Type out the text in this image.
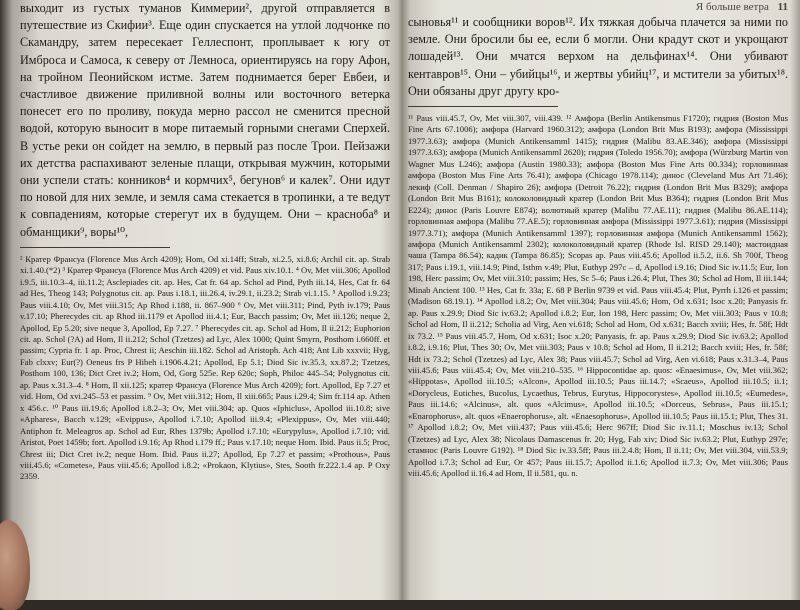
выходит из густых туманов Киммерии², другой отправляется в путешествие из Скифии³. Еще один спускается на утлой лодчонке по Скамандру, затем пересекает Геллеспонт, проплывает к югу от Имброса и Самоса, к северу от Лемноса, ориентируясь на гору Афон, на тройном Пеонийском истме. Затем поднимается берег Евбеи, и счастливое движение приливной волны или восточного ветерка понесет его по проливу, покуда мерно рассол не сменится пресной водой, которую выносит в море питаемый горными снегами Сперхей. В устье реки он сойдет на землю, в первый раз после Трои. Пейзажи их детства распахивают зеленые плащи, открывая мужчин, которыми они успели стать: конников⁴ и кормчих⁵, бегунов⁶ и калек⁷. Они идут по новой для них земле, и земля сама стекается в тропинки, а те ведут к совпадениям, которые стерегут их в будущем. Они – красноба⁸ и обманщики⁹, воры¹⁰,

² Кратер Франсуа (Florence Mus Arch 4209); Hom, Od xi.14ff; Strab, xi.2.5, xi.8.6; Archil cit. ap. Strab xi.1.40.(*2) ³ Кратер Франсуа (Florence Mus Arch 4209) et vid. Paus xiv.10.1. ⁴ Ov, Met viii.306; Apollod i.9.5, iii.10.3–4, iii.11.2; Asclepiades cit. ap. Hes, Cat fr. 64 ap. Schol ad Pind, Pyth iii.14, Hes, Cat fr. 64 ad Hes, Theog 143; Polygnotus cit. ap. Paus i.18.1, iii.26.4, iv.29.1, ii.23.2; Strab vi.1.15. ⁵ Apollod i.9.23; Paus viii.4.10; Ov, Met viii.315; Ap Rhod i.188, ii. 867–900 ⁶ Ov, Met viii.311; Pind, Pyth iv.179; Paus v.17.10; Pherecydes cit. ap Rhod iii.1179 et Apollod iii.4.1; Eur, Bacch passim; Ov, Met iii.126; neque 2, Apollod, Ep 5.20; sive neque 3, Apollod, Ep 7.27. ⁷ Pherecydes cit. ap. Schol ad Hom, Il ii.212; Euphorion cit. ap. Schol (?A) ad Hom, Il ii.212; Schol (Tzetzes) ad Lyc, Alex 1000; Quint Smyrn, Posthom i.660ff. et passim; Cypria fr. 1 ap. Proc, Chrest ii; Aeschin iii.182. Schol ad Aristoph. Ach 418; Ant Lib xxxvii; Hyg, Fab clxxv; Eur(?) Oeneus frs P Hibeh i.1906.4.21; Apollod, Ep 5.1; Diod Sic iv.35.3, xx.87.2; Tzetzes, Posthom 100, 136; Dict Cret iv.2; Hom, Od, Gorg 525e. Rep 620c; Soph, Philoc 445–54; Polygnotus cit. ap. Paus x.31.3–4. ⁸ Hom, Il xii.125; кратер Франсуа (Florence Mus Arch 4209); fort. Apollod, Ep 7.27 et vid. Hom, Od xvi.245–53 et passim. ⁹ Ov, Met viii.312; Hom, Il xiii.665; Paus i.29.4; Sim fr.114 ap. Athen x 456.c. ¹⁰ Paus iii.19.6; Apollod i.8.2–3; Ov, Met viii.304; ap. Quos «Iphiclus», Apollod iii.10.8; sive «Aphares», Bacch v.129; «Evippus», Apollod i.7.10; Apollod iii.9.4; «Plexippus», Ov, Met viii.440; Antiphon fr. Meleagros ap. Schol ad Eur, Rhes 1379b; Apollod i.7.10; «Eurypylus», Apollod i.7.10; vid. Aristot, Poet 1459b; fort. Apollod i.9.16; Ap Rhod i.179 ff.; Paus v.17.10; neque Hom. Ibid. Paus ii.5; Proc, Chrest iii; Dict Cret iv.2; neque Hom. Ibid. Paus ii.27; Apollod, Ep 7.27 et passim; «Prothous», Paus viii.45.6; «Cometes», Paus viii.45.6; Apollod i.8.2; «Prokaon, Klytius», Stes, Sooth fr.222.1.4 ap. P Oxy 2359.

Я больше ветра 11

сыновья¹¹ и сообщники воров¹². Их тяжкая добыча плачется за ними по земле. Они бросили бы ее, если б могли. Они крадут скот и укрощают лошадей¹³. Они мчатся верхом на дельфинах¹⁴. Они убивают кентавров¹⁵. Они – убийцы¹⁶, и жертвы убийц¹⁷, и мстители за убитых¹⁸. Они обязаны друг другу кро-

¹¹ Paus viii.45.7, Ov, Met viii.307, viii.439. ¹² Амфора (Berlin Antikensmus F1720); гидрия (Boston Mus Fine Arts 67.1006); амфора (Harvard 1960.312); амфора (London Brit Mus B193); амфора (Mississippi 1977.3.63); амфора (Munich Antikensamml 1415); гидрия (Malibu 83.AE.346); амфора (Mississippi 1977.3.63); амфора (Munich Antikensamml 2620); гидрия (Toledo 1956.70); амфора (Würzburg Martin von Wagner Mus L246); амфора (Austin 1980.33); амфора (Boston Mus Fine Arts 00.334); горловинная амфора (Boston Mus Fine Arts 76.41); амфора (Chicago 1978.114); динос (Cleveland Mus Art 71.46); лекиф (Coll. Denman / Shapiro 26); амфора (Detroit 76.22); гидрия (London Brit Mus B329); амфора (London Brit Mus B161); колоколовидный кратер (London Brit Mus B364); гидрия (London Brit Mus E224); динос (Paris Louvre E874); волютный кратер (Malibu 77.AE.11); гидрия (Malibu 86.AE.114); горловинная амфора (Malibu 77.AE.5); горловинная амфора (Mississippi 1977.3.61); гидрия (Mississippi 1977.3.71); амфора (Munich Antikensamml 1397); горловинная амфора (Munich Antikensamml 1562); амфора (Munich Antikensamml 2302); колоколовидный кратер (Rhode Isl. RISD 29.140); мастоидная чаша (Tampa 86.54); кадик (Tampa 86.85); Scopas ap. Paus viii.45.6; Apollod ii.5.2, ii.6. Sh 700f, Theog 317; Paus i.19.1, viii.14.9; Pind, Isthm v.49; Plut, Euthyp 297c – d, Apollod i.9.16; Diod Sic iv.11.5; Eur, Ion 198, Herc passim; Ov, Met viii.310; passim; Hes, Sc 5–6; Paus i.26.4; Plut, Thes 30; Schol ad Hom, Il iii.144; Minab Ancient 100. ¹³ Hes, Cat fr. 33a; E. 68 P Berlin 9739 et vid. Paus viii.45.4; Plut, Pyrrh i.126 et passim; (Madison 68.19.1). ¹⁴ Apollod i.8.2; Ov, Met viii.304; Paus viii.45.6; Hom, Od x.631; Isoc x.20; Panyasis fr. ap. Paus x.29.9; Diod Sic iv.63.2; Apollod i.8.2; Eur, Ion 198, Herc passim; Ov, Met viii.303; Paus v 10.8; Schol ad Hom, Il ii.212; Scholia ad Virg, Aen vi.618; Schol ad Hom, Od x.631; Bacch xviii; Hes, fr. 58f; Hdt ix 73.2. ¹⁵ Paus viii.45.7, Hom, Od x.631; Isoc x.20; Panyasis, fr. ap. Paus x.29.9; Diod Sic iv.63.2; Apollod i.8.2, i.9.16; Plut, Thes 30; Ov, Met viii.303; Paus v 10.8; Schol ad Hom, Il ii.212; Bacch xviii; Hes, fr. 58f; Hdt ix 73.2; Schol (Tzetzes) ad Lyc, Alex 38; Paus viii.45.7; Schol ad Virg, Aen vi.618; Paus x.31.3–4, Paus viii.45.6; Paus viii.45.4; Ov, Met viii.210–535. ¹⁶ Hippocontidae ap. quos: «Enaesimus», Ov, Met viii.362; «Hippotas», Apollod iii.10.5; «Alcon», Apollod iii.10.5; Paus iii.14.7; «Scaeus», Apollod iii.10.5; ii.1; «Doryclеus, Eutiches, Bucolus, Lycaethus, Tebrus, Eurytus, Hippocorystes», Apollod iii.10.5; «Eumedes», Paus iii.14.6; «Alcinus», alt. quos «Alcimus», Apollod iii.10.5; «Dorceus, Sebrus», Paus iii.15.1; «Enarophorus», alt. quos «Enaerophorus», alt. «Enaesophorus», Apollod iii.10.5; Paus iii.15.1; Plut, Thes 31. ¹⁷ Apollod i.8.2; Ov, Met viii.437; Paus viii.45.6; Herc 967ff; Diod Sic iv.11.1; Moschus iv.13; Schol (Tzetzes) ad Lyc, Alex 38; Nicolaus Damascenus fr. 20; Hyg, Fab xiv; Diod Sic iv.63.2; Plut, Euthyp 297e; стамнос (Paris Louvre G192). ¹⁸ Diod Sic iv.33.5ff; Paus iii.2.4.8; Hom, Il ii.11; Ov, Met viii.304, viii.53.9; Apollod i.7.3; Schol ad Eur, Or 457; Paus iii.15.7; Apollod ii.1.6; Apollod ii.7.3; Ov, Met viii.306; Paus viii.45.6; Apollod ii.16.4 ad Hom, Il ii.581, qu. n.
